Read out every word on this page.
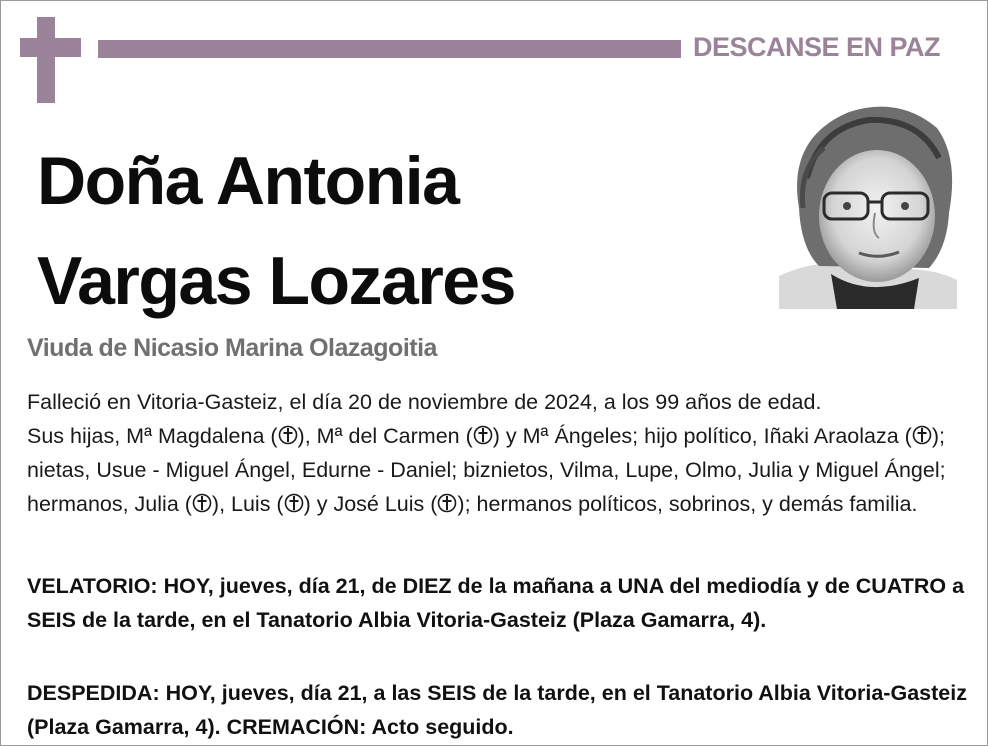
DESCANSE EN PAZ
Doña Antonia
Vargas Lozares
Viuda de Nicasio Marina Olazagoitia

Falleció en Vitoria-Gasteiz, el día 20 de noviembre de 2024, a los 99 años de edad.

Sus hijas, Mª Magdalena ( ), Mª del Carmen ( ) y Mª Ángeles; hijo político, Iñaki Araolaza ( ); nietas, Usue - Miguel Ángel, Edurne - Daniel; biznietos, Vilma, Lupe, Olmo, Julia y Miguel Ángel; hermanos, Julia ( ), Luis ( ) y José Luis ( ); hermanos políticos, sobrinos, y demás familia.

VELATORIO: HOY, jueves, día 21, de DIEZ de la mañana a UNA del mediodía y de CUATRO a SEIS de la tarde, en el Tanatorio Albia Vitoria-Gasteiz (Plaza Gamarra, 4).
DESPEDIDA: HOY, jueves, día 21, a las SEIS de la tarde, en el Tanatorio Albia Vitoria-Gasteiz (Plaza Gamarra, 4). CREMACIÓN: Acto seguido.
